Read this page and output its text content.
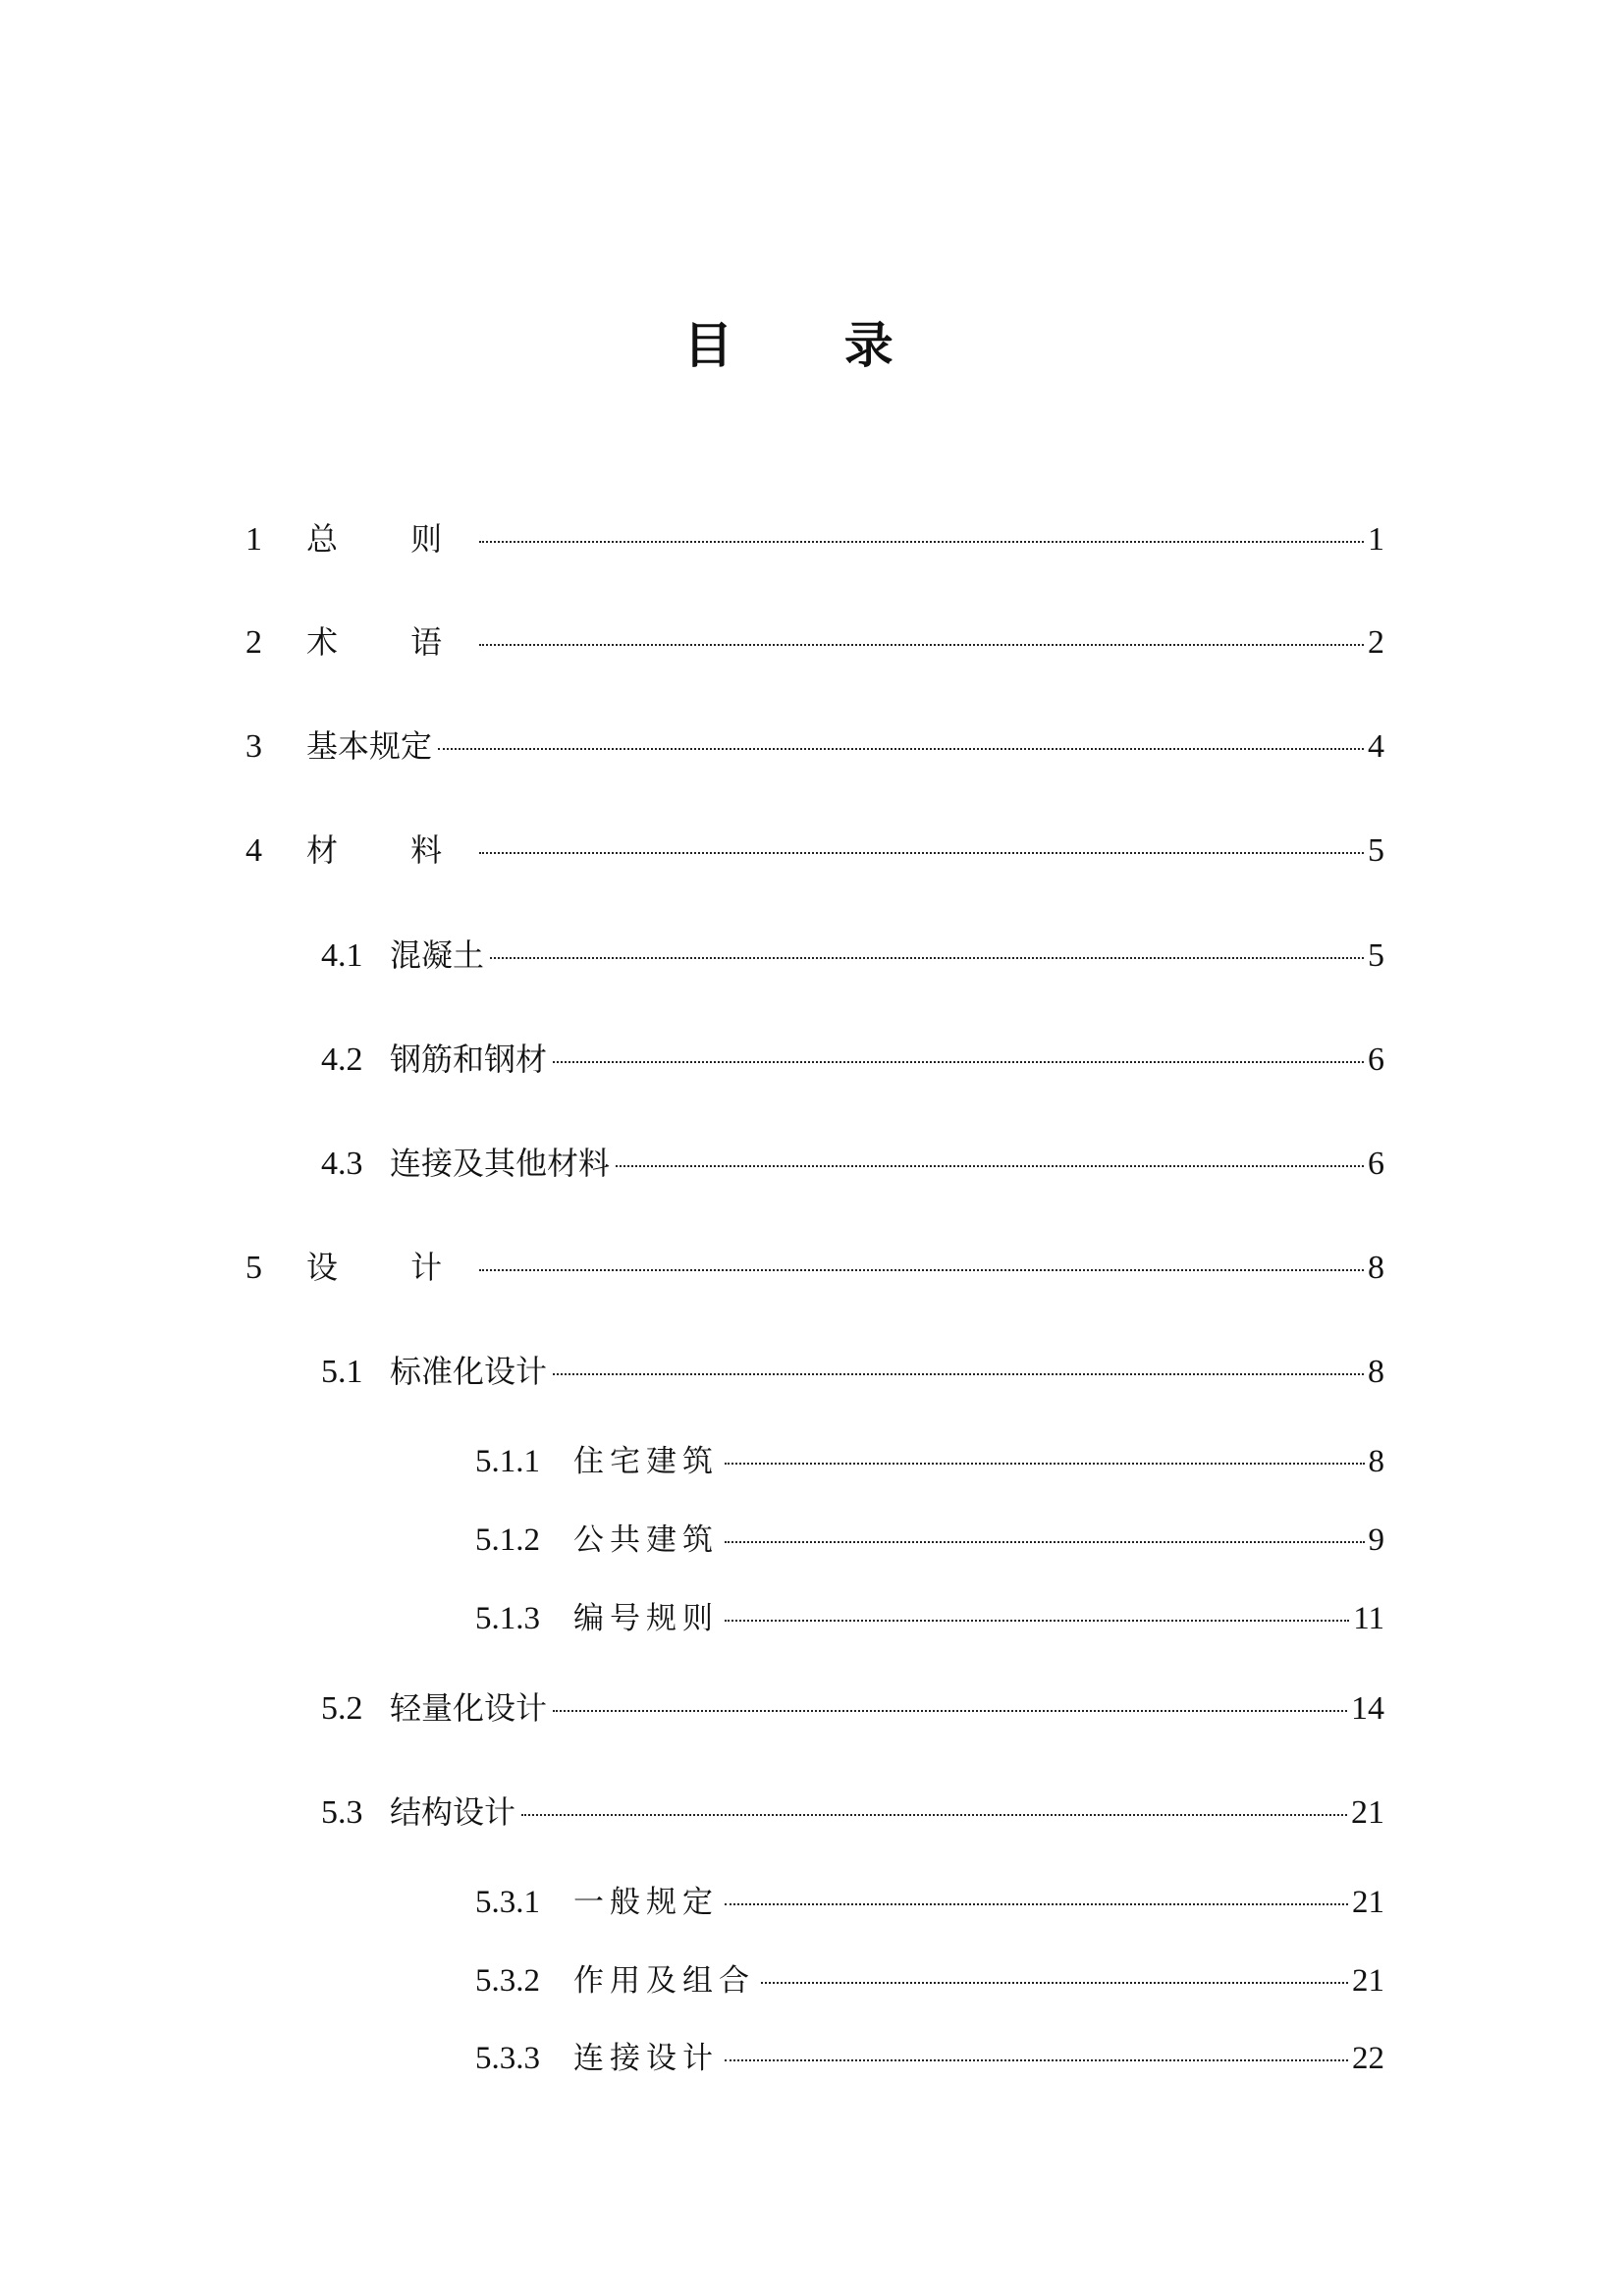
目 录
1	总 则	1
2	术 语	2
3	基本规定	4
4	材 料	5
4.1 混凝土	5
4.2 钢筋和钢材	6
4.3 连接及其他材料	6
5	设 计	8
5.1 标准化设计	8
5.1.1	住宅建筑	8
5.1.2	公共建筑	9
5.1.3	编号规则	11
5.2 轻量化设计	14
5.3 结构设计	21
5.3.1	一般规定	21
5.3.2	作用及组合	21
5.3.3	连接设计	22
